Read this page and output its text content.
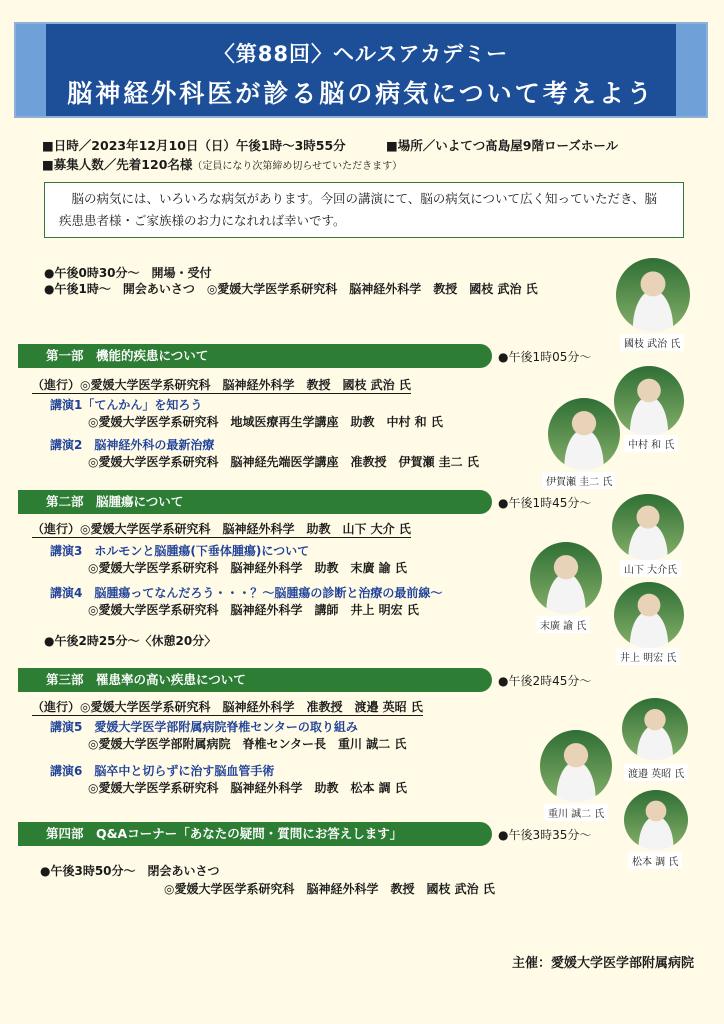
〈第88回〉ヘルスアカデミー
脳神経外科医が診る脳の病気について考えよう
■日時／2023年12月10日（日）午後1時〜3時55分	■場所／いよてつ髙島屋9階ローズホール
■募集人数／先着120名様（定員になり次第締め切らせていただきます）
　脳の病気には、いろいろな病気があります。今回の講演にて、脳の病気について広く知っていただき、脳疾患患者様・ご家族様のお力になれれば幸いです。
●午後0時30分〜　開場・受付
●午後1時〜　開会あいさつ　◎愛媛大学医学系研究科　脳神経外科学　教授　國枝 武治 氏
第一部　機能的疾患について	●午後1時05分〜
（進行）◎愛媛大学医学系研究科　脳神経外科学　教授　國枝 武治 氏
講演1「てんかん」を知ろう
◎愛媛大学医学系研究科　地域医療再生学講座　助教　中村 和 氏
講演2　脳神経外科の最新治療
◎愛媛大学医学系研究科　脳神経先端医学講座　准教授　伊賀瀬 圭二 氏
第二部　脳腫瘍について	●午後1時45分〜
（進行）◎愛媛大学医学系研究科　脳神経外科学　助教　山下 大介 氏
講演3　ホルモンと脳腫瘍(下垂体腫瘍)について
◎愛媛大学医学系研究科　脳神経外科学　助教　末廣 諭 氏
講演4　脳腫瘍ってなんだろう・・・？〜脳腫瘍の診断と治療の最前線〜
◎愛媛大学医学系研究科　脳神経外科学　講師　井上 明宏 氏
●午後2時25分〜〈休憩20分〉
第三部　罹患率の高い疾患について	●午後2時45分〜
（進行）◎愛媛大学医学系研究科　脳神経外科学　准教授　渡邉 英昭 氏
講演5　愛媛大学医学部附属病院脊椎センターの取り組み
◎愛媛大学医学部附属病院　脊椎センター長　重川 誠二 氏
講演6　脳卒中と切らずに治す脳血管手術
◎愛媛大学医学系研究科　脳神経外科学　助教　松本 調 氏
第四部　Q&Aコーナー「あなたの疑問・質問にお答えします」	●午後3時35分〜
●午後3時50分〜　閉会あいさつ
◎愛媛大学医学系研究科　脳神経外科学　教授　國枝 武治 氏
國枝 武治 氏
中村 和 氏
伊賀瀬 圭二 氏
山下 大介氏
末廣 諭 氏
井上 明宏 氏
渡邉 英昭 氏
重川 誠二 氏
松本 調 氏
主催：愛媛大学医学部附属病院
